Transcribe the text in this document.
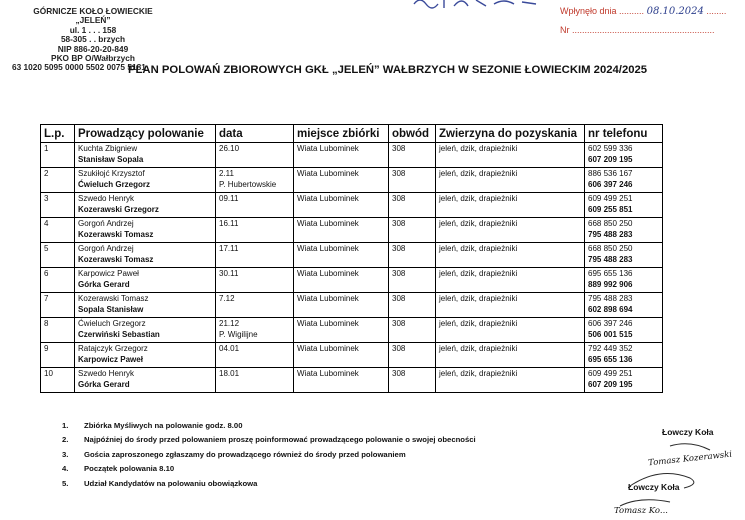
GÓRNICZE KOŁO ŁOWIECKIE
„JELEŃ”
ul. 1 . . . 158
58-305 . . brzych
NIP 886-20-20-849
PKO BP O/Wałbrzych
63 1020 5095 0000 5502 0075 5181
Wpłynęło dnia .......... 08.10.2024 ........
Nr .........................................................
PLAN POLOWAŃ ZBIOROWYCH GKŁ „JELEŃ” WAŁBRZYCH W SEZONIE ŁOWIECKIM 2024/2025
L.p.	Prowadzący polowanie	data	miejsce zbiórki	obwód	Zwierzyna do pozyskania	nr telefonu

1	Kuchta Zbigniew
Stanisław Sopala	26.10	Wiata Lubominek	308	jeleń, dzik, drapieżniki	602 599 336
607 209 195

2	Szukiłojć Krzysztof
Ćwieluch Grzegorz	2.11
P. Hubertowskie	Wiata Lubominek	308	jeleń, dzik, drapieżniki	886 536 167
606 397 246

3	Szwedo Henryk
Kozerawski Grzegorz	09.11	Wiata Lubominek	308	jeleń, dzik, drapieżniki	609 499 251
609 255 851

4	Gorgoń Andrzej
Kozerawski Tomasz	16.11	Wiata Lubominek	308	jeleń, dzik, drapieżniki	668 850 250
795 488 283

5	Gorgoń Andrzej
Kozerawski Tomasz	17.11	Wiata Lubominek	308	jeleń, dzik, drapieżniki	668 850 250
795 488 283

6	Karpowicz Paweł
Górka Gerard	30.11	Wiata Lubominek	308	jeleń, dzik, drapieżniki	695 655 136
889 992 906

7	Kozerawski Tomasz
Sopala Stanisław	7.12	Wiata Lubominek	308	jeleń, dzik, drapieżniki	795 488 283
602 898 694

8	Ćwieluch Grzegorz
Czerwiński Sebastian	21.12
P. Wigilijne	Wiata Lubominek	308	jeleń, dzik, drapieżniki	606 397 246
506 001 515

9	Ratajczyk Grzegorz
Karpowicz Paweł	04.01	Wiata Lubominek	308	jeleń, dzik, drapieżniki	792 449 352
695 655 136

10	Szwedo Henryk
Górka Gerard	18.01	Wiata Lubominek	308	jeleń, dzik, drapieżniki	609 499 251
607 209 195
1. Zbiórka Myśliwych na polowanie godz. 8.00
2. Najpóźniej do środy przed polowaniem proszę poinformować prowadzącego polowanie o swojej obecności
3. Gościa zaproszonego zgłaszamy do prowadzącego również do środy przed polowaniem
4. Początek polowania 8.10
5. Udział Kandydatów na polowaniu obowiązkowa
Łowczy Koła
Tomasz Kozerawski
Łowczy Koła
Tomasz Ko...
